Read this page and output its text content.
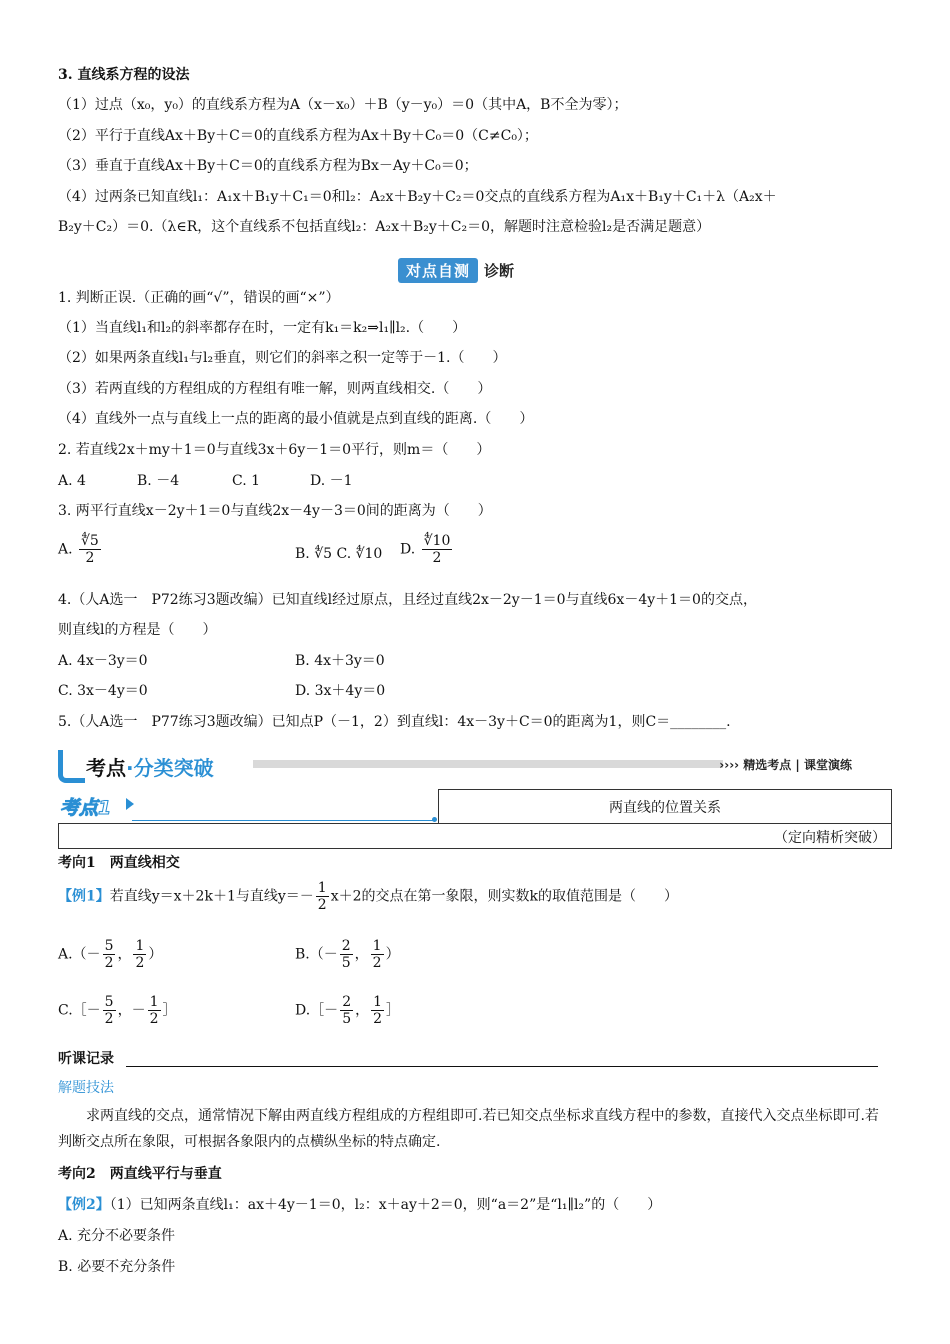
3. 直线系方程的设法
（1）过点（x₀，y₀）的直线系方程为A（x－x₀）＋B（y－y₀）＝0（其中A，B不全为零）；
（2）平行于直线Ax＋By＋C＝0的直线系方程为Ax＋By＋C₀＝0（C≠C₀）；
（3）垂直于直线Ax＋By＋C＝0的直线系方程为Bx－Ay＋C₀＝0；
（4）过两条已知直线l₁：A₁x＋B₁y＋C₁＝0和l₂：A₂x＋B₂y＋C₂＝0交点的直线系方程为A₁x＋B₁y＋C₁＋λ（A₂x＋
B₂y＋C₂）＝0.（λ∈R，这个直线系不包括直线l₂：A₂x＋B₂y＋C₂＝0，解题时注意检验l₂是否满足题意）
对点自测 诊断
1. 判断正误.（正确的画“√”，错误的画“×”）
（1）当直线l₁和l₂的斜率都存在时，一定有k₁＝k₂⇒l₁∥l₂.（　　）
（2）如果两条直线l₁与l₂垂直，则它们的斜率之积一定等于－1.（　　）
（3）若两直线的方程组成的方程组有唯一解，则两直线相交.（　　）
（4）直线外一点与直线上一点的距离的最小值就是点到直线的距离.（　　）
2. 若直线2x＋my＋1＝0与直线3x＋6y－1＝0平行，则m＝（　　）
A. 4	B. －4	C. 1	D. －1
3. 两平行直线x－2y＋1＝0与直线2x－4y－3＝0间的距离为（　　）
A. $\frac{∜5}{2}$	B. ∜5 C. ∜10 D. $\frac{∜10}{2}$
4.（人A选一　P72练习3题改编）已知直线l经过原点，且经过直线2x－2y－1＝0与直线6x－4y＋1＝0的交点，
则直线l的方程是（　　）
A. 4x－3y＝0	B. 4x＋3y＝0
C. 3x－4y＝0	D. 3x＋4y＝0
5.（人A选一　P77练习3题改编）已知点P（－1，2）到直线l：4x－3y＋C＝0的距离为1，则C＝________.
考点·分类突破	›››› 精选考点 | 课堂演练
考点1	两直线的位置关系
（定向精析突破）
考向1　两直线相交
【例1】若直线y＝x＋2k＋1与直线$y=- \frac{1}{2} x+2$的交点在第一象限，则实数k的取值范围是（　　）
$A.(- \frac{5}{2}$ ， $\frac{1}{2}$ ）	$B.(- \frac{2}{5}$ ， $\frac{1}{2}$ ）
C.［－ $\frac{5}{2}$ ，－ $\frac{1}{2}$ ］	D.［－ $\frac{2}{5}$ ， $\frac{1}{2}$ ］
听课记录
解题技法
求两直线的交点，通常情况下解由两直线方程组成的方程组即可.若已知交点坐标求直线方程中的参数，直接代入交点坐标即可.若判断交点所在象限，可根据各象限内的点横纵坐标的特点确定.
考向2　两直线平行与垂直
【例2】（1）已知两条直线l₁：ax＋4y－1＝0，l₂：x＋ay＋2＝0，则“a＝2”是“l₁∥l₂”的（　　）
A. 充分不必要条件
B. 必要不充分条件
